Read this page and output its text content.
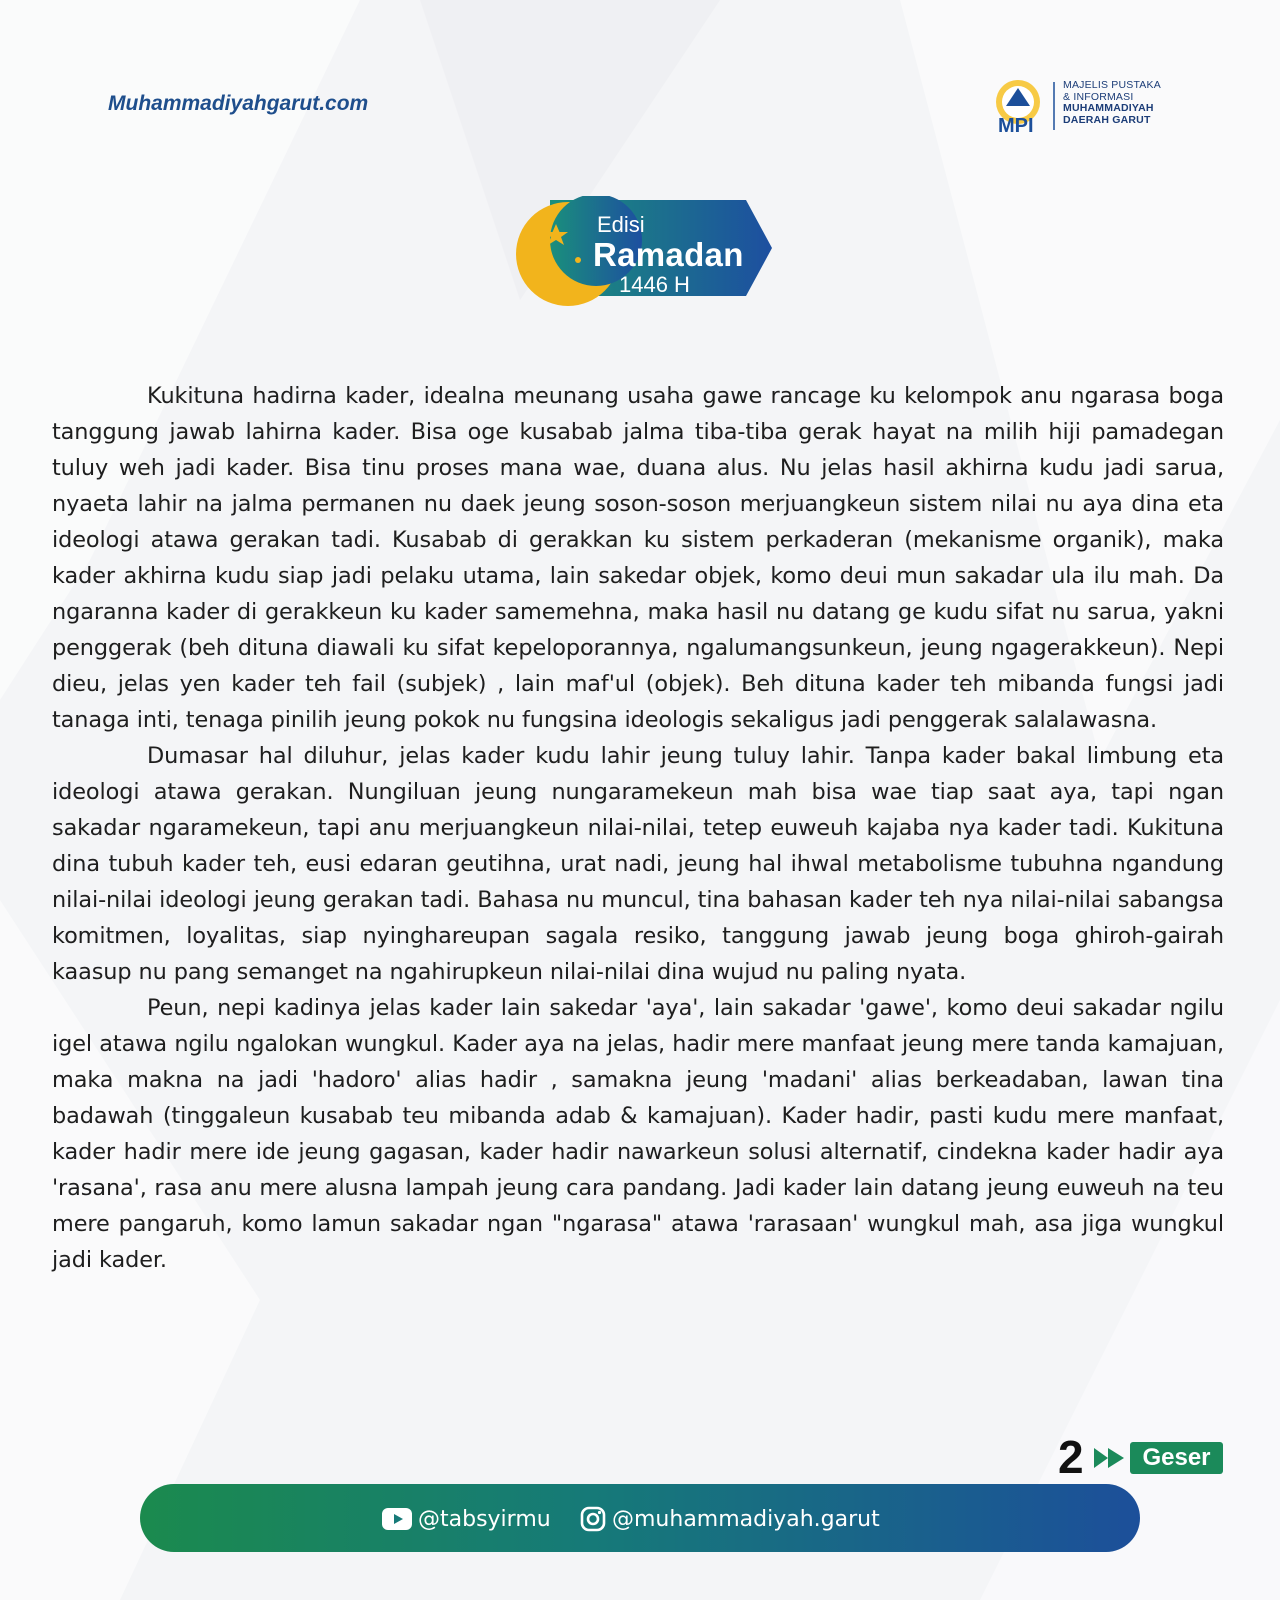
Muhammadiyahgarut.com
MPI
MAJELIS PUSTAKA
& INFORMASI
MUHAMMADIYAH
DAERAH GARUT
Edisi
Ramadan
1446 H

Kukituna hadirna kader, idealna meunang usaha gawe rancage ku kelompok anu ngarasa boga tanggung jawab lahirna kader. Bisa oge kusabab jalma tiba-tiba gerak hayat na milih hiji pamadegan tuluy weh jadi kader. Bisa tinu proses mana wae, duana alus. Nu jelas hasil akhirna kudu jadi sarua, nyaeta lahir na jalma permanen nu daek jeung soson-soson merjuangkeun sistem nilai nu aya dina eta ideologi atawa gerakan tadi. Kusabab di gerakkan ku sistem perkaderan (mekanisme organik), maka kader akhirna kudu siap jadi pelaku utama, lain sakedar objek, komo deui mun sakadar ula ilu mah. Da ngaranna kader di gerakkeun ku kader samemehna, maka hasil nu datang ge kudu sifat nu sarua, yakni penggerak (beh dituna diawali ku sifat kepeloporannya, ngalumangsunkeun, jeung ngagerakkeun). Nepi dieu, jelas yen kader teh fail (subjek) , lain maf'ul (objek). Beh dituna kader teh mibanda fungsi jadi tanaga inti, tenaga pinilih jeung pokok nu fungsina ideologis sekaligus jadi penggerak salalawasna.

Dumasar hal diluhur, jelas kader kudu lahir jeung tuluy lahir. Tanpa kader bakal limbung eta ideologi atawa gerakan. Nungiluan jeung nungaramekeun mah bisa wae tiap saat aya, tapi ngan sakadar ngaramekeun, tapi anu merjuangkeun nilai-nilai, tetep euweuh kajaba nya kader tadi. Kukituna dina tubuh kader teh, eusi edaran geutihna, urat nadi, jeung hal ihwal metabolisme tubuhna ngandung nilai-nilai ideologi jeung gerakan tadi. Bahasa nu muncul, tina bahasan kader teh nya nilai-nilai sabangsa komitmen, loyalitas, siap nyinghareupan sagala resiko, tanggung jawab jeung boga ghiroh-gairah kaasup nu pang semanget na ngahirupkeun nilai-nilai dina wujud nu paling nyata.

Peun, nepi kadinya jelas kader lain sakedar 'aya', lain sakadar 'gawe', komo deui sakadar ngilu igel atawa ngilu ngalokan wungkul. Kader aya na jelas, hadir mere manfaat jeung mere tanda kamajuan, maka makna na jadi 'hadoro' alias hadir , samakna jeung 'madani' alias berkeadaban, lawan tina badawah (tinggaleun kusabab teu mibanda adab & kamajuan). Kader hadir, pasti kudu mere manfaat, kader hadir mere ide jeung gagasan, kader hadir nawarkeun solusi alternatif, cindekna kader hadir aya 'rasana', rasa anu mere alusna lampah jeung cara pandang. Jadi kader lain datang jeung euweuh na teu mere pangaruh, komo lamun sakadar ngan "ngarasa" atawa 'rarasaan' wungkul mah, asa jiga wungkul jadi kader.

2	Geser
@tabsyirmu	@muhammadiyah.garut
